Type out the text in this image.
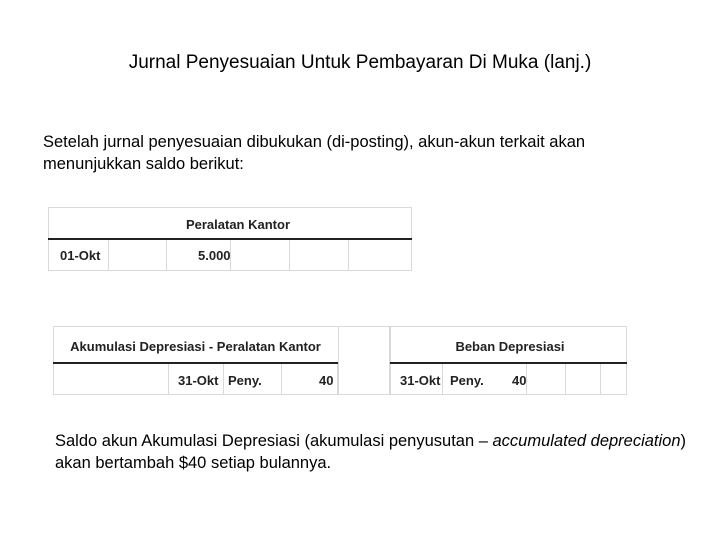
Jurnal Penyesuaian Untuk Pembayaran Di Muka (lanj.)
Setelah jurnal penyesuaian dibukukan (di-posting), akun-akun terkait akan menunjukkan saldo berikut:
Peralatan Kantor
01-Okt	5.000
Akumulasi Depresiasi - Peralatan Kantor
31-Okt Peny.	40
Beban Depresiasi
31-Okt Peny. 40
Saldo akun Akumulasi Depresiasi (akumulasi penyusutan – accumulated depreciation) akan bertambah $40 setiap bulannya.
